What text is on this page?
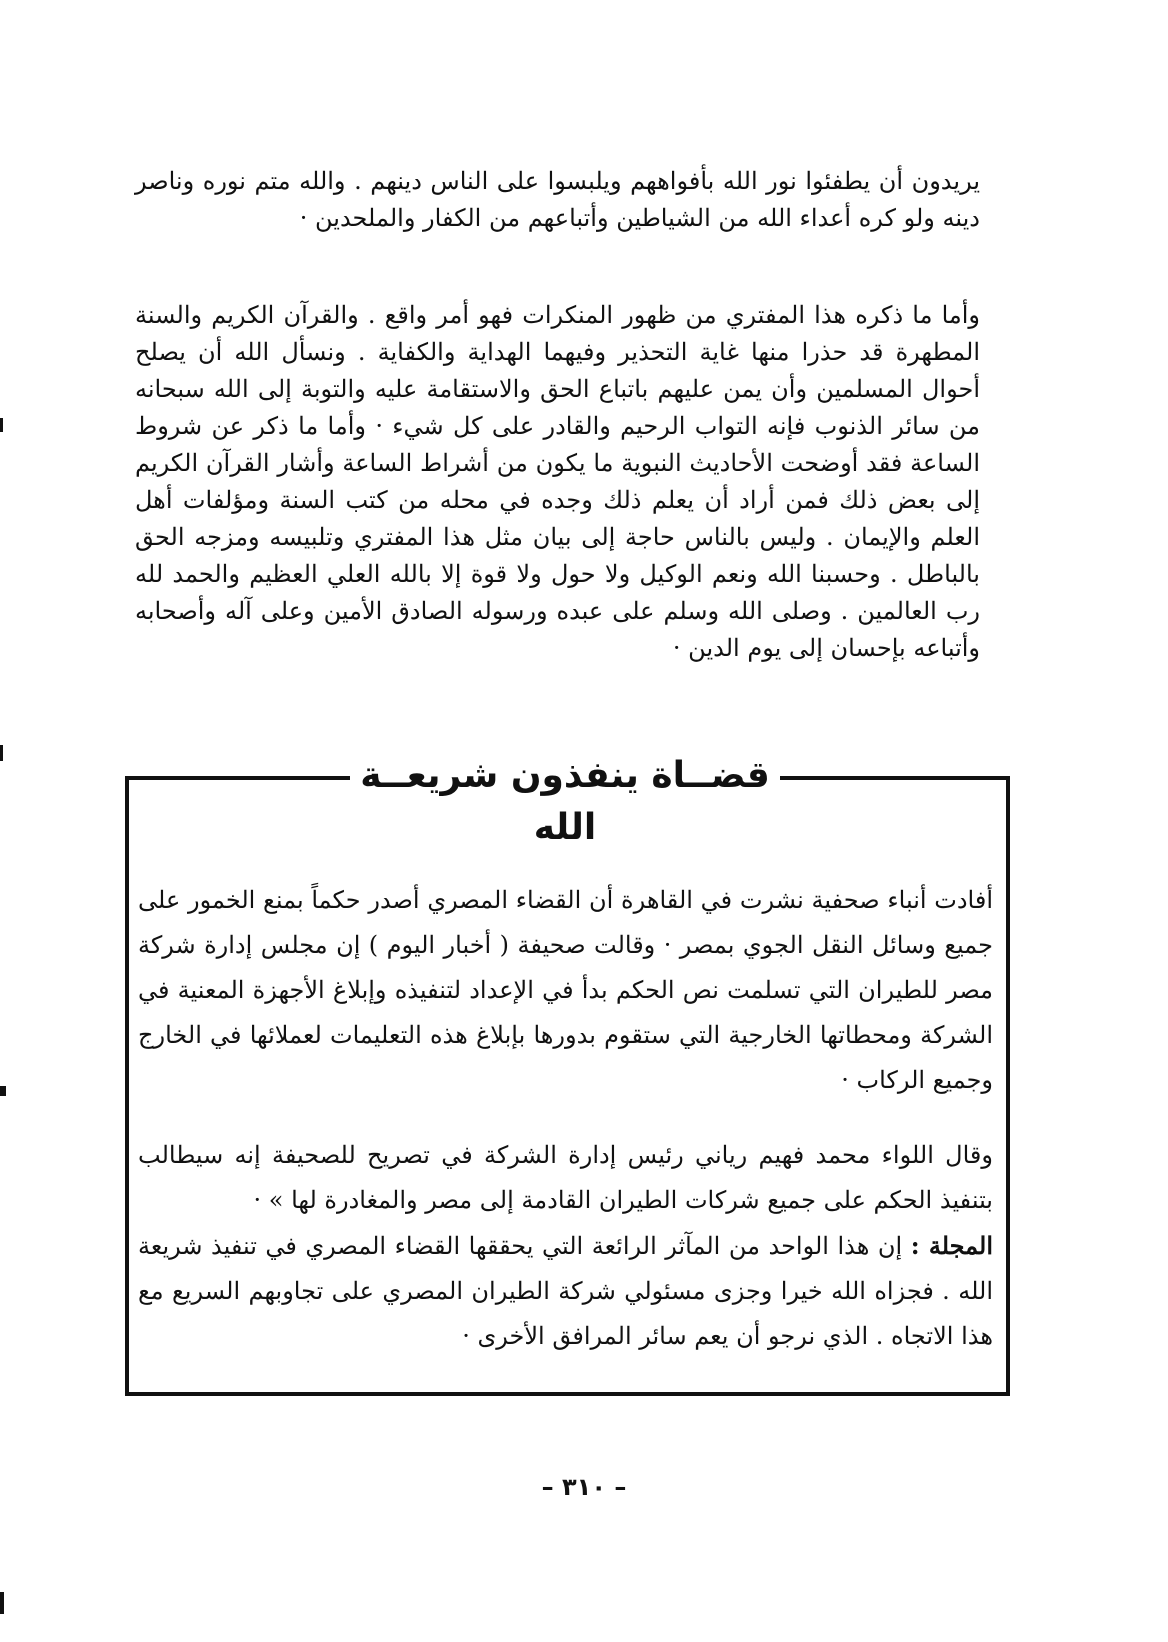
يريدون أن يطفئوا نور الله بأفواههم ويلبسوا على الناس دينهم . والله متم نوره وناصر دينه ولو كره أعداء الله من الشياطين وأتباعهم من الكفار والملحدين ·

وأما ما ذكره هذا المفتري من ظهور المنكرات فهو أمر واقع . والقرآن الكريم والسنة المطهرة قد حذرا منها غاية التحذير وفيهما الهداية والكفاية . ونسأل الله أن يصلح أحوال المسلمين وأن يمن عليهم باتباع الحق والاستقامة عليه والتوبة إلى الله سبحانه من سائر الذنوب فإنه التواب الرحيم والقادر على كل شيء · وأما ما ذكر عن شروط الساعة فقد أوضحت الأحاديث النبوية ما يكون من أشراط الساعة وأشار القرآن الكريم إلى بعض ذلك فمن أراد أن يعلم ذلك وجده في محله من كتب السنة ومؤلفات أهل العلم والإيمان . وليس بالناس حاجة إلى بيان مثل هذا المفتري وتلبيسه ومزجه الحق بالباطل . وحسبنا الله ونعم الوكيل ولا حول ولا قوة إلا بالله العلي العظيم والحمد لله رب العالمين . وصلى الله وسلم على عبده ورسوله الصادق الأمين وعلى آله وأصحابه وأتباعه بإحسان إلى يوم الدين ·

قضــاة ينفذون شريعــة الله

أفادت أنباء صحفية نشرت في القاهرة أن القضاء المصري أصدر حكماً بمنع الخمور على جميع وسائل النقل الجوي بمصر · وقالت صحيفة ( أخبار اليوم ) إن مجلس إدارة شركة مصر للطيران التي تسلمت نص الحكم بدأ في الإعداد لتنفيذه وإبلاغ الأجهزة المعنية في الشركة ومحطاتها الخارجية التي ستقوم بدورها بإبلاغ هذه التعليمات لعملائها في الخارج وجميع الركاب ·

وقال اللواء محمد فهيم رياني رئيس إدارة الشركة في تصريح للصحيفة إنه سيطالب بتنفيذ الحكم على جميع شركات الطيران القادمة إلى مصر والمغادرة لها » ·

المجلة : إن هذا الواحد من المآثر الرائعة التي يحققها القضاء المصري في تنفيذ شريعة الله . فجزاه الله خيرا وجزى مسئولي شركة الطيران المصري على تجاوبهم السريع مع هذا الاتجاه . الذي نرجو أن يعم سائر المرافق الأخرى ·

– ٣١٠ –
